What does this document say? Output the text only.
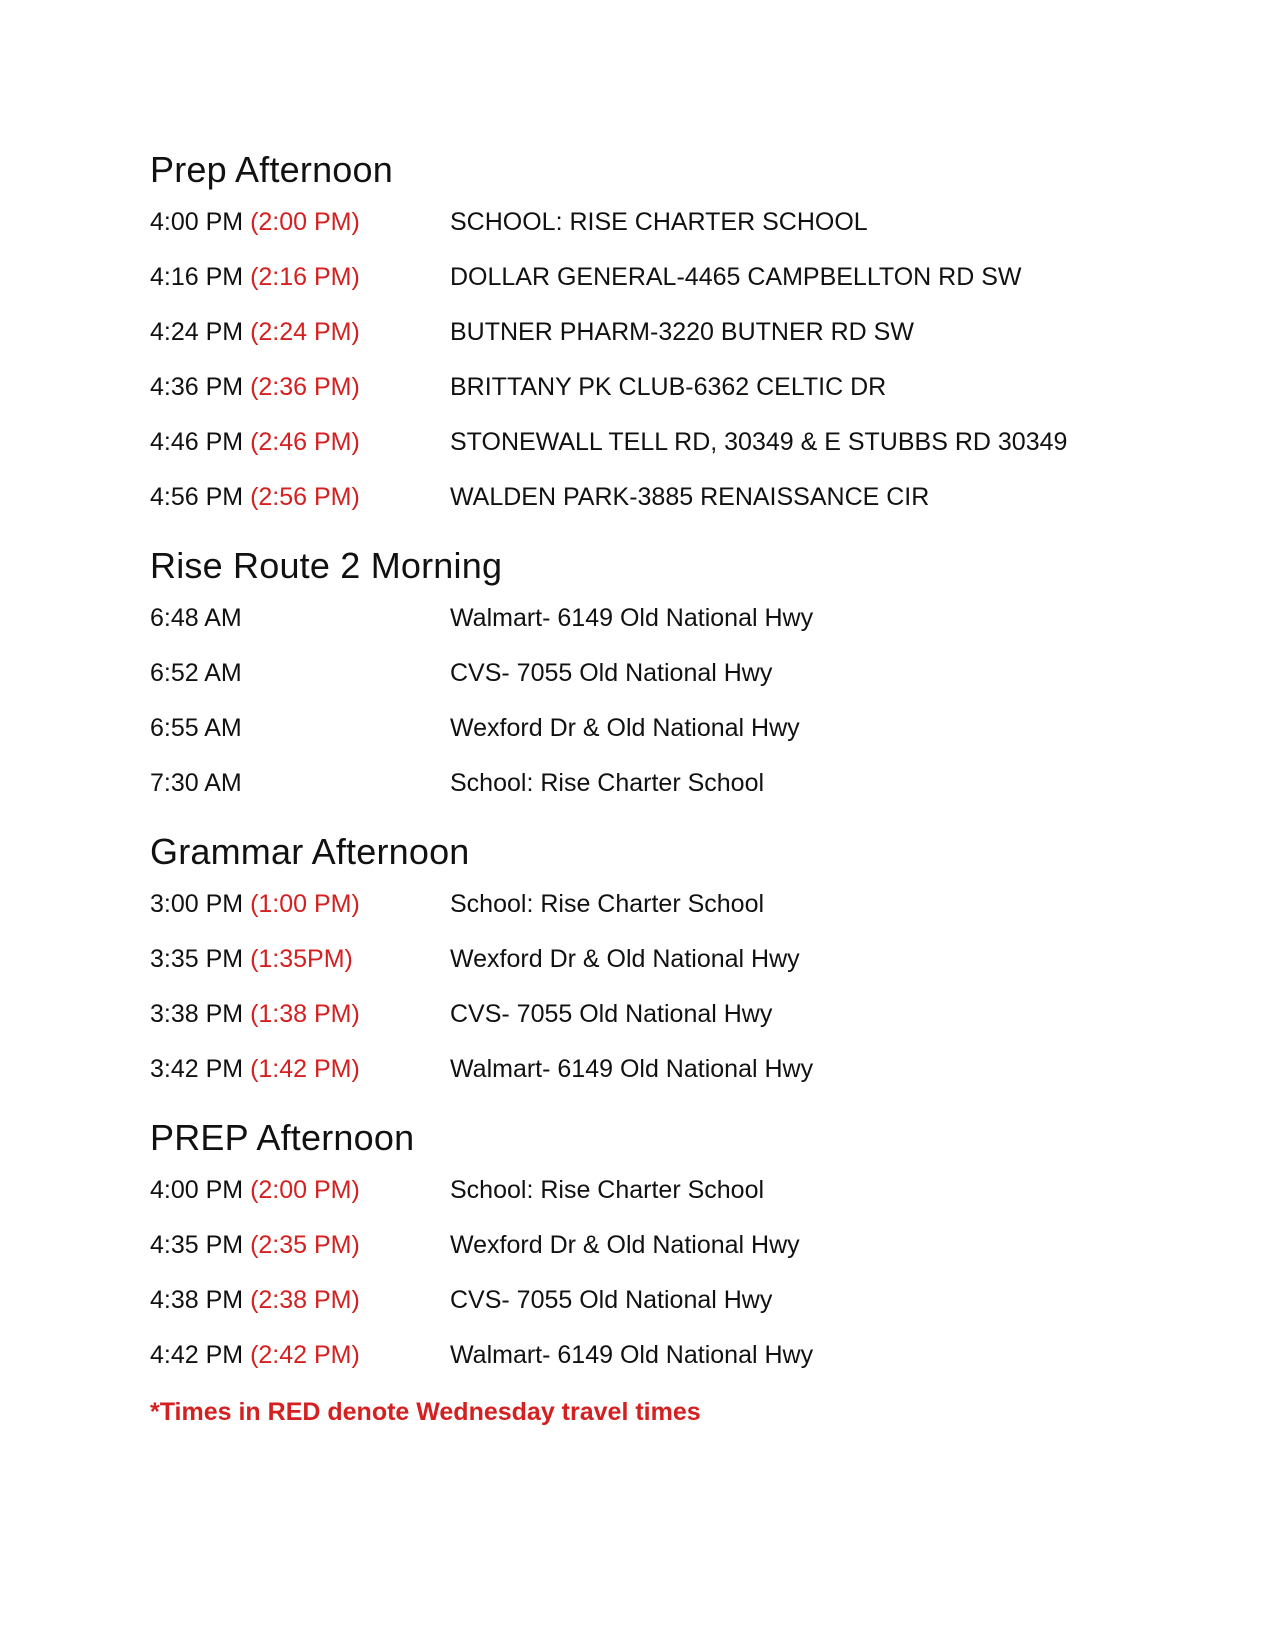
Prep Afternoon
4:00 PM (2:00 PM)	SCHOOL: RISE CHARTER SCHOOL
4:16 PM (2:16 PM)	DOLLAR GENERAL-4465 CAMPBELLTON RD SW
4:24 PM (2:24 PM)	BUTNER PHARM-3220 BUTNER RD SW
4:36 PM (2:36 PM)	BRITTANY PK CLUB-6362 CELTIC DR
4:46 PM (2:46 PM)	STONEWALL TELL RD, 30349 & E STUBBS RD 30349
4:56 PM (2:56 PM)	WALDEN PARK-3885 RENAISSANCE CIR
Rise Route 2 Morning
6:48 AM	Walmart- 6149 Old National Hwy
6:52 AM	CVS- 7055 Old National Hwy
6:55 AM	Wexford Dr & Old National Hwy
7:30 AM	School: Rise Charter School
Grammar Afternoon
3:00 PM (1:00 PM)	School: Rise Charter School
3:35 PM (1:35PM)	Wexford Dr & Old National Hwy
3:38 PM (1:38 PM)	CVS- 7055 Old National Hwy
3:42 PM (1:42 PM)	Walmart- 6149 Old National Hwy
PREP Afternoon
4:00 PM (2:00 PM)	School: Rise Charter School
4:35 PM (2:35 PM)	Wexford Dr & Old National Hwy
4:38 PM (2:38 PM)	CVS- 7055 Old National Hwy
4:42 PM (2:42 PM)	Walmart- 6149 Old National Hwy
*Times in RED denote Wednesday travel times
